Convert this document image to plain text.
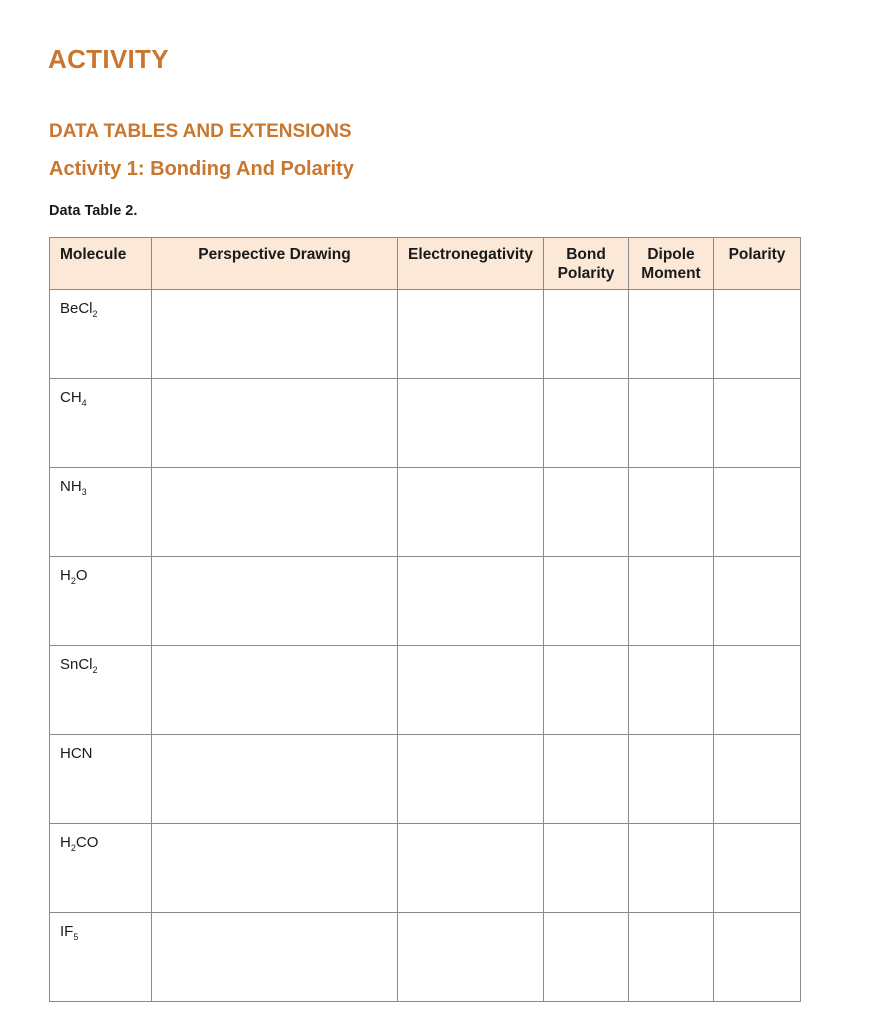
ACTIVITY
DATA TABLES AND EXTENSIONS
Activity 1: Bonding And Polarity

Data Table 2.

Molecule	Perspective Drawing	Electronegativity	Bond Polarity	Dipole Moment	Polarity
BeCl$_2$					
$CH_4$					
$NH_3$					
$H_2O$					
SnCl$_2$					
HCN					
$H_2CO$					
$IF_5$					
